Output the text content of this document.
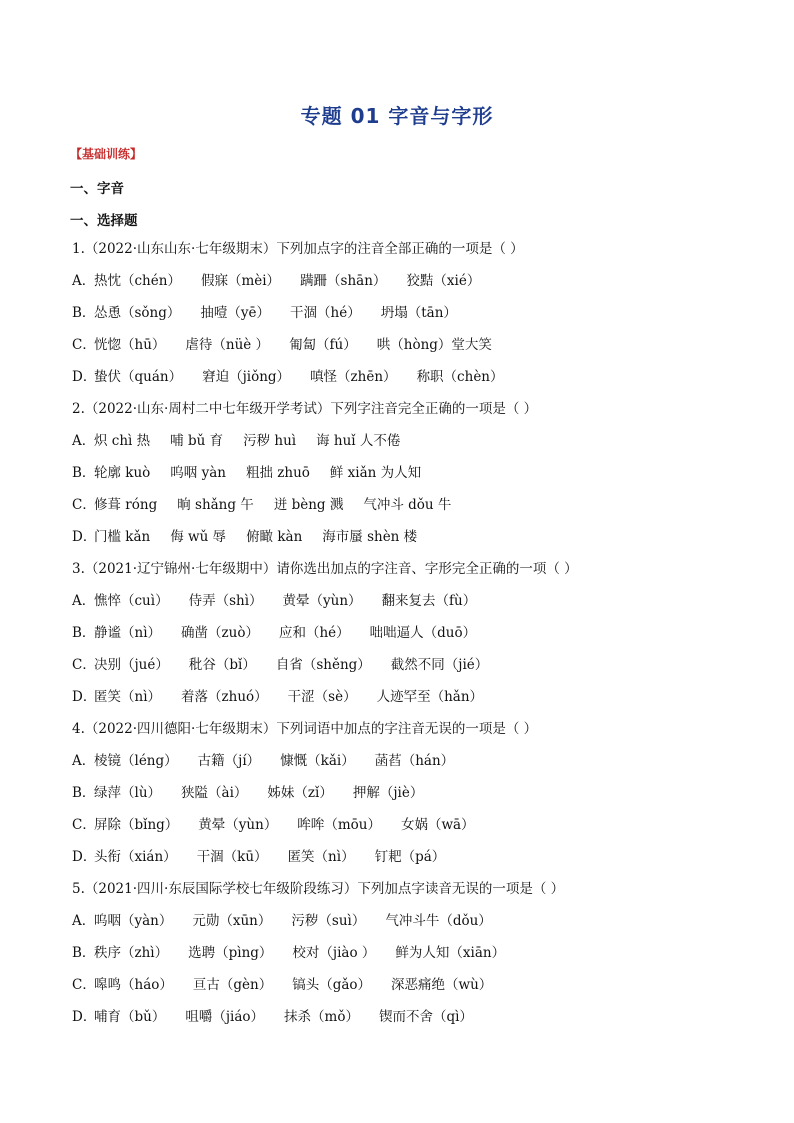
专题 01 字音与字形
【基础训练】
一、字音
一、选择题
1.（2022·山东山东·七年级期末）下列加点字的注音全部正确的一项是（ ）
A．热忱（chén） 假寐（mèi） 蹒跚（shān） 狡黠（xié）
B．怂恿（sǒng） 抽噎（yē） 干涸（hé） 坍塌（tān）
C．恍惚（hū） 虐待（nüè ） 匍匐（fú） 哄（hòng）堂大笑
D．蛰伏（quán） 窘迫（jiǒng） 嗔怪（zhēn） 称职（chèn）
2.（2022·山东·周村二中七年级开学考试）下列字注音完全正确的一项是（ ）
A．炽 chì 热 哺 bǔ 育 污秽 huì 诲 huǐ 人不倦
B．轮廓 kuò 呜咽 yàn 粗拙 zhuō 鲜 xiǎn 为人知
C．修葺 róng 晌 shǎng 午 迸 bèng 溅 气冲斗 dǒu 牛
D．门槛 kǎn 侮 wǔ 辱 俯瞰 kàn 海市蜃 shèn 楼
3.（2021·辽宁锦州·七年级期中）请你选出加点的字注音、字形完全正确的一项（ ）
A．憔悴（cuì） 侍弄（shì） 黄晕（yùn） 翻来复去（fù）
B．静谧（nì） 确凿（zuò） 应和（hé） 咄咄逼人（duō）
C．决别（jué） 秕谷（bǐ） 自省（shěng） 截然不同（jié）
D．匿笑（nì） 着落（zhuó） 干涩（sè） 人迹罕至（hǎn）
4.（2022·四川德阳·七年级期末）下列词语中加点的字注音无误的一项是（ ）
A．棱镜（léng） 古籍（jí） 慷慨（kǎi） 菡萏（hán）
B．绿萍（lù） 狭隘（ài） 姊妹（zǐ） 押解（jiè）
C．屏除（bǐng） 黄晕（yùn） 哞哞（mōu） 女娲（wā）
D．头衔（xián） 干涸（kū） 匿笑（nì） 钉耙（pá）
5.（2021·四川·东辰国际学校七年级阶段练习）下列加点字读音无误的一项是（ ）
A．呜咽（yàn） 元勋（xūn） 污秽（suì） 气冲斗牛（dǒu）
B．秩序（zhì） 选聘（pìng） 校对（jiào ） 鲜为人知（xiān）
C．嗥鸣（háo） 亘古（gèn） 镐头（gǎo） 深恶痛绝（wù）
D．哺育（bǔ） 咀嚼（jiáo） 抹杀（mǒ） 锲而不舍（qì）
